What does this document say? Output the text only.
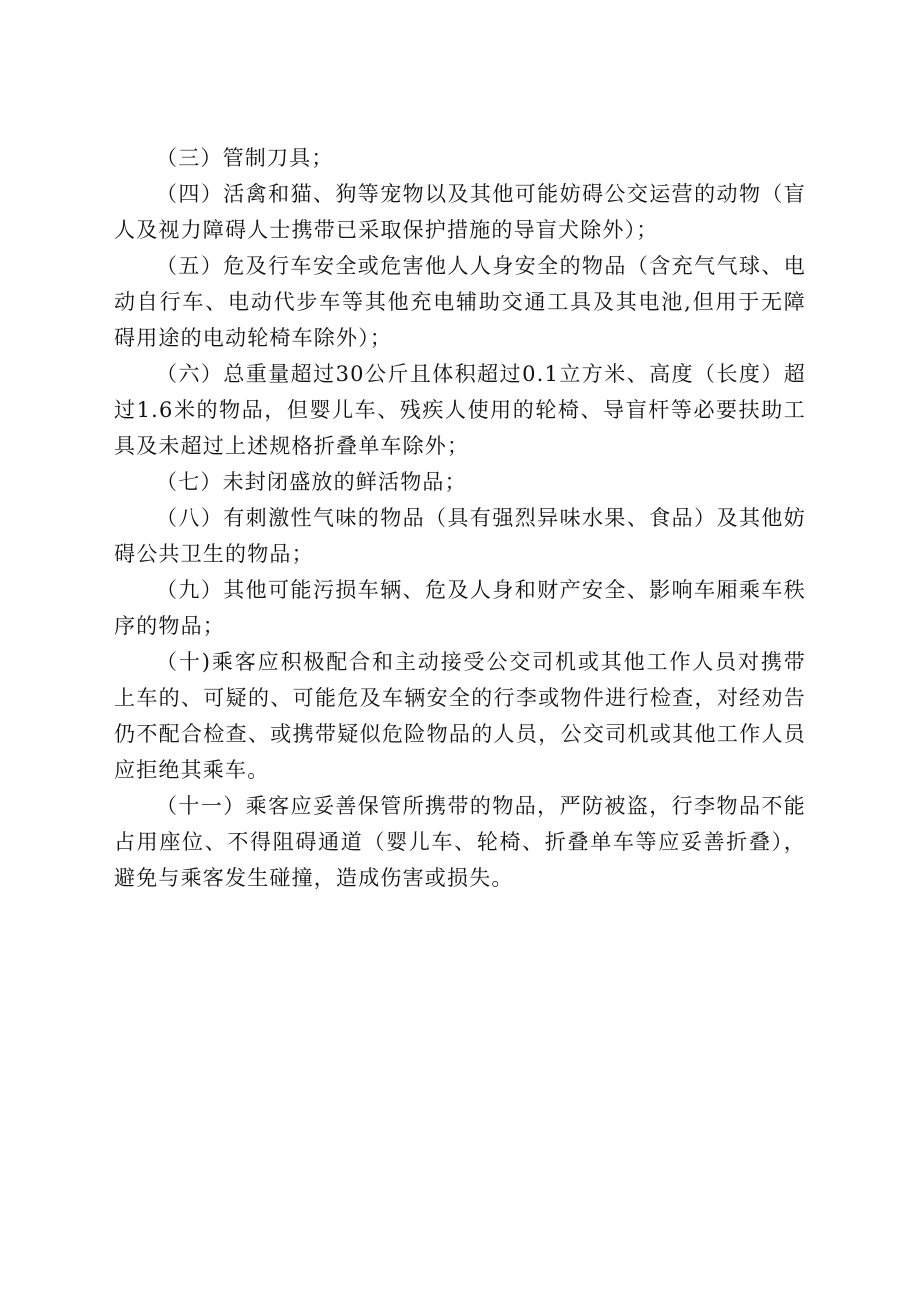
（三）管制刀具；

（四）活禽和猫、狗等宠物以及其他可能妨碍公交运营的动物（盲人及视力障碍人士携带已采取保护措施的导盲犬除外）；

（五）危及行车安全或危害他人人身安全的物品（含充气气球、电动自行车、电动代步车等其他充电辅助交通工具及其电池,但用于无障碍用途的电动轮椅车除外）；

（六）总重量超过30公斤且体积超过0.1立方米、高度（长度）超过1.6米的物品，但婴儿车、残疾人使用的轮椅、导盲杆等必要扶助工具及未超过上述规格折叠单车除外；

（七）未封闭盛放的鲜活物品；

（八）有刺激性气味的物品（具有强烈异味水果、食品）及其他妨碍公共卫生的物品；

（九）其他可能污损车辆、危及人身和财产安全、影响车厢乘车秩序的物品；

（十)乘客应积极配合和主动接受公交司机或其他工作人员对携带上车的、可疑的、可能危及车辆安全的行李或物件进行检查，对经劝告仍不配合检查、或携带疑似危险物品的人员，公交司机或其他工作人员应拒绝其乘车。

（十一）乘客应妥善保管所携带的物品，严防被盗，行李物品不能占用座位、不得阻碍通道（婴儿车、轮椅、折叠单车等应妥善折叠），避免与乘客发生碰撞，造成伤害或损失。
